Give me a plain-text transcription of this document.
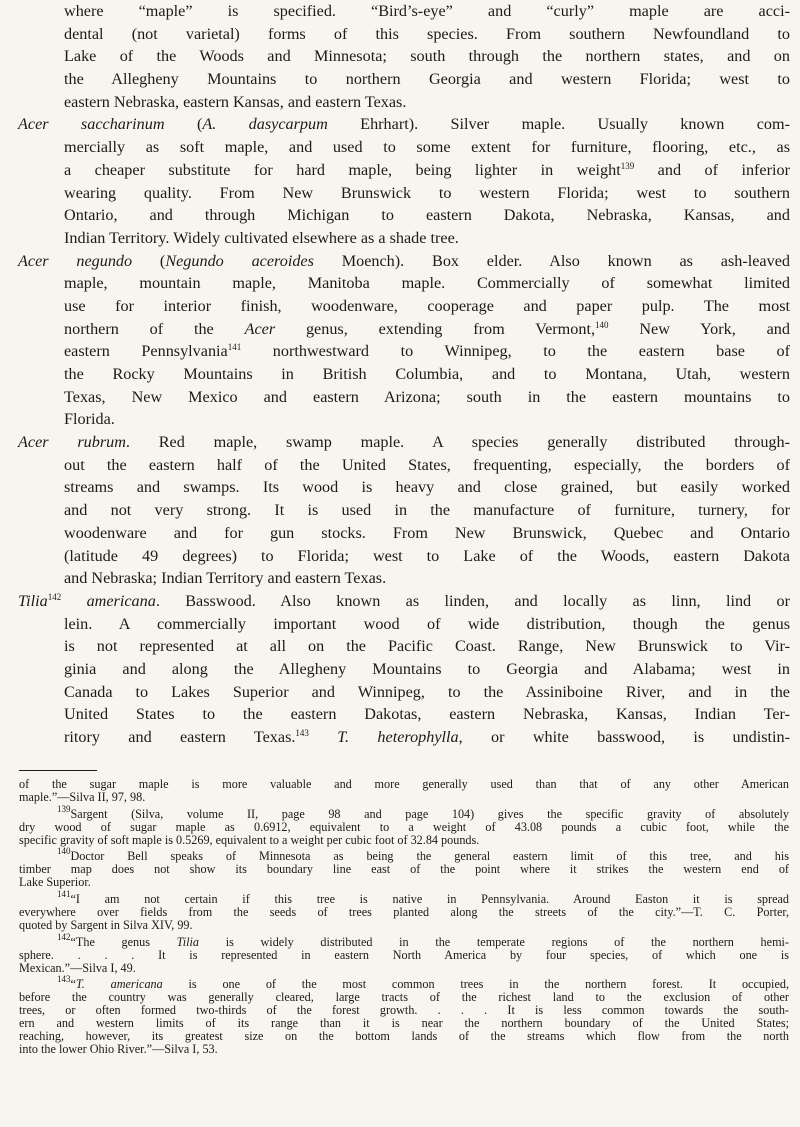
where “maple” is specified. “Bird’s-eye” and “curly” maple are acci-
dental (not varietal) forms of this species. From southern Newfoundland to
Lake of the Woods and Minnesota; south through the northern states, and on
the Allegheny Mountains to northern Georgia and western Florida; west to
eastern Nebraska, eastern Kansas, and eastern Texas.
Acer saccharinum (A. dasycarpum Ehrhart). Silver maple. Usually known com-
mercially as soft maple, and used to some extent for furniture, flooring, etc., as
a cheaper substitute for hard maple, being lighter in weight$^{139}$ and of inferior
wearing quality. From New Brunswick to western Florida; west to southern
Ontario, and through Michigan to eastern Dakota, Nebraska, Kansas, and
Indian Territory. Widely cultivated elsewhere as a shade tree.
Acer negundo (Negundo aceroides Moench). Box elder. Also known as ash-leaved
maple, mountain maple, Manitoba maple. Commercially of somewhat limited
use for interior finish, woodenware, cooperage and paper pulp. The most
northern of the Acer genus, extending from Vermont,$^{140}$ New York, and
eastern Pennsylvania$^{141}$ northwestward to Winnipeg, to the eastern base of
the Rocky Mountains in British Columbia, and to Montana, Utah, western
Texas, New Mexico and eastern Arizona; south in the eastern mountains to
Florida.
Acer rubrum. Red maple, swamp maple. A species generally distributed through-
out the eastern half of the United States, frequenting, especially, the borders of
streams and swamps. Its wood is heavy and close grained, but easily worked
and not very strong. It is used in the manufacture of furniture, turnery, for
woodenware and for gun stocks. From New Brunswick, Quebec and Ontario
(latitude 49 degrees) to Florida; west to Lake of the Woods, eastern Dakota
and Nebraska; Indian Territory and eastern Texas.
Tilia$^{142}$ americana. Basswood. Also known as linden, and locally as linn, lind or
lein. A commercially important wood of wide distribution, though the genus
is not represented at all on the Pacific Coast. Range, New Brunswick to Vir-
ginia and along the Allegheny Mountains to Georgia and Alabama; west in
Canada to Lakes Superior and Winnipeg, to the Assiniboine River, and in the
United States to the eastern Dakotas, eastern Nebraska, Kansas, Indian Ter-
ritory and eastern Texas.$^{143}$ T. heterophylla, or white basswood, is undistin-
of the sugar maple is more valuable and more generally used than that of any other American
maple.”—Silva II, 97, 98.
$^{139}$Sargent (Silva, volume II, page 98 and page 104) gives the specific gravity of absolutely
dry wood of sugar maple as 0.6912, equivalent to a weight of 43.08 pounds a cubic foot, while the
specific gravity of soft maple is 0.5269, equivalent to a weight per cubic foot of 32.84 pounds.
$^{140}$Doctor Bell speaks of Minnesota as being the general eastern limit of this tree, and his
timber map does not show its boundary line east of the point where it strikes the western end of
Lake Superior.
$^{141}$“I am not certain if this tree is native in Pennsylvania. Around Easton it is spread
everywhere over fields from the seeds of trees planted along the streets of the city.”—T. C. Porter,
quoted by Sargent in Silva XIV, 99.
$^{142}$“The genus Tilia is widely distributed in the temperate regions of the northern hemi-
sphere. . . . It is represented in eastern North America by four species, of which one is
Mexican.”—Silva I, 49.
$^{143}$“T. americana is one of the most common trees in the northern forest. It occupied,
before the country was generally cleared, large tracts of the richest land to the exclusion of other
trees, or often formed two-thirds of the forest growth. . . . It is less common towards the south-
ern and western limits of its range than it is near the northern boundary of the United States;
reaching, however, its greatest size on the bottom lands of the streams which flow from the north
into the lower Ohio River.”—Silva I, 53.
